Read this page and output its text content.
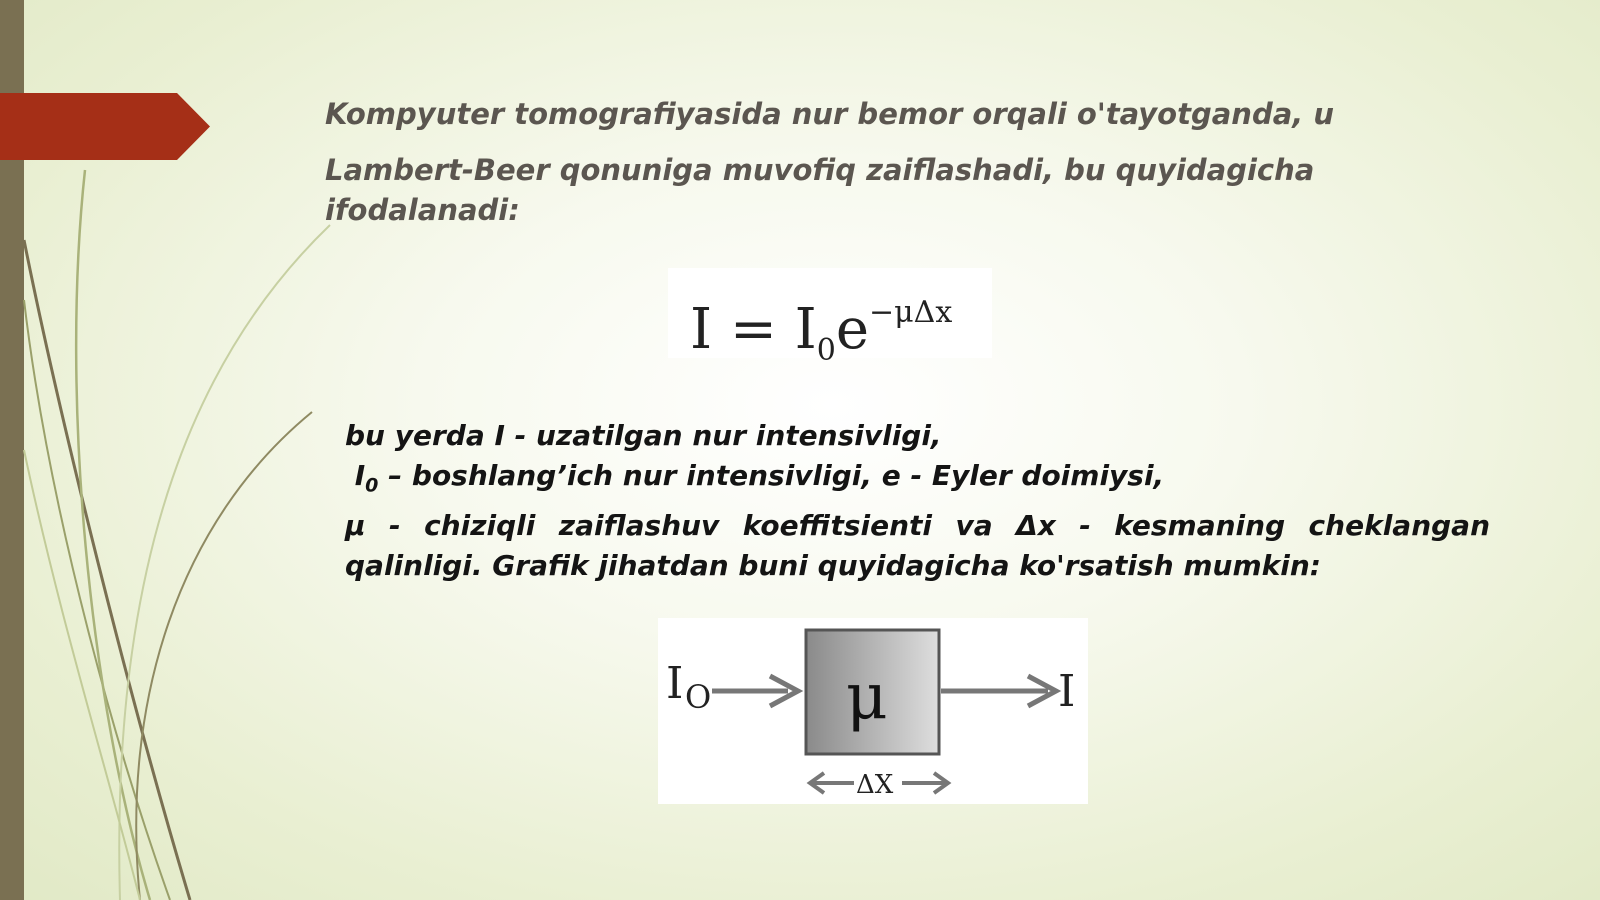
Kompyuter tomografiyasida nur bemor orqali o'tayotganda, u
Lambert-Beer qonuniga muvofiq zaiflashadi, bu quyidagicha ifodalanadi:
$I = I_0e^{-\mu\Delta x}$
bu yerda I - uzatilgan nur intensivligi,
$I_0$ – boshlang’ich nur intensivligi, e - Eyler doimiysi,
μ - chiziqli zaiflashuv koeffitsienti va Δx - kesmaning cheklangan
qalinligi. Grafik jihatdan buni quyidagicha ko'rsatish mumkin:
I O μ	I
ΔX
